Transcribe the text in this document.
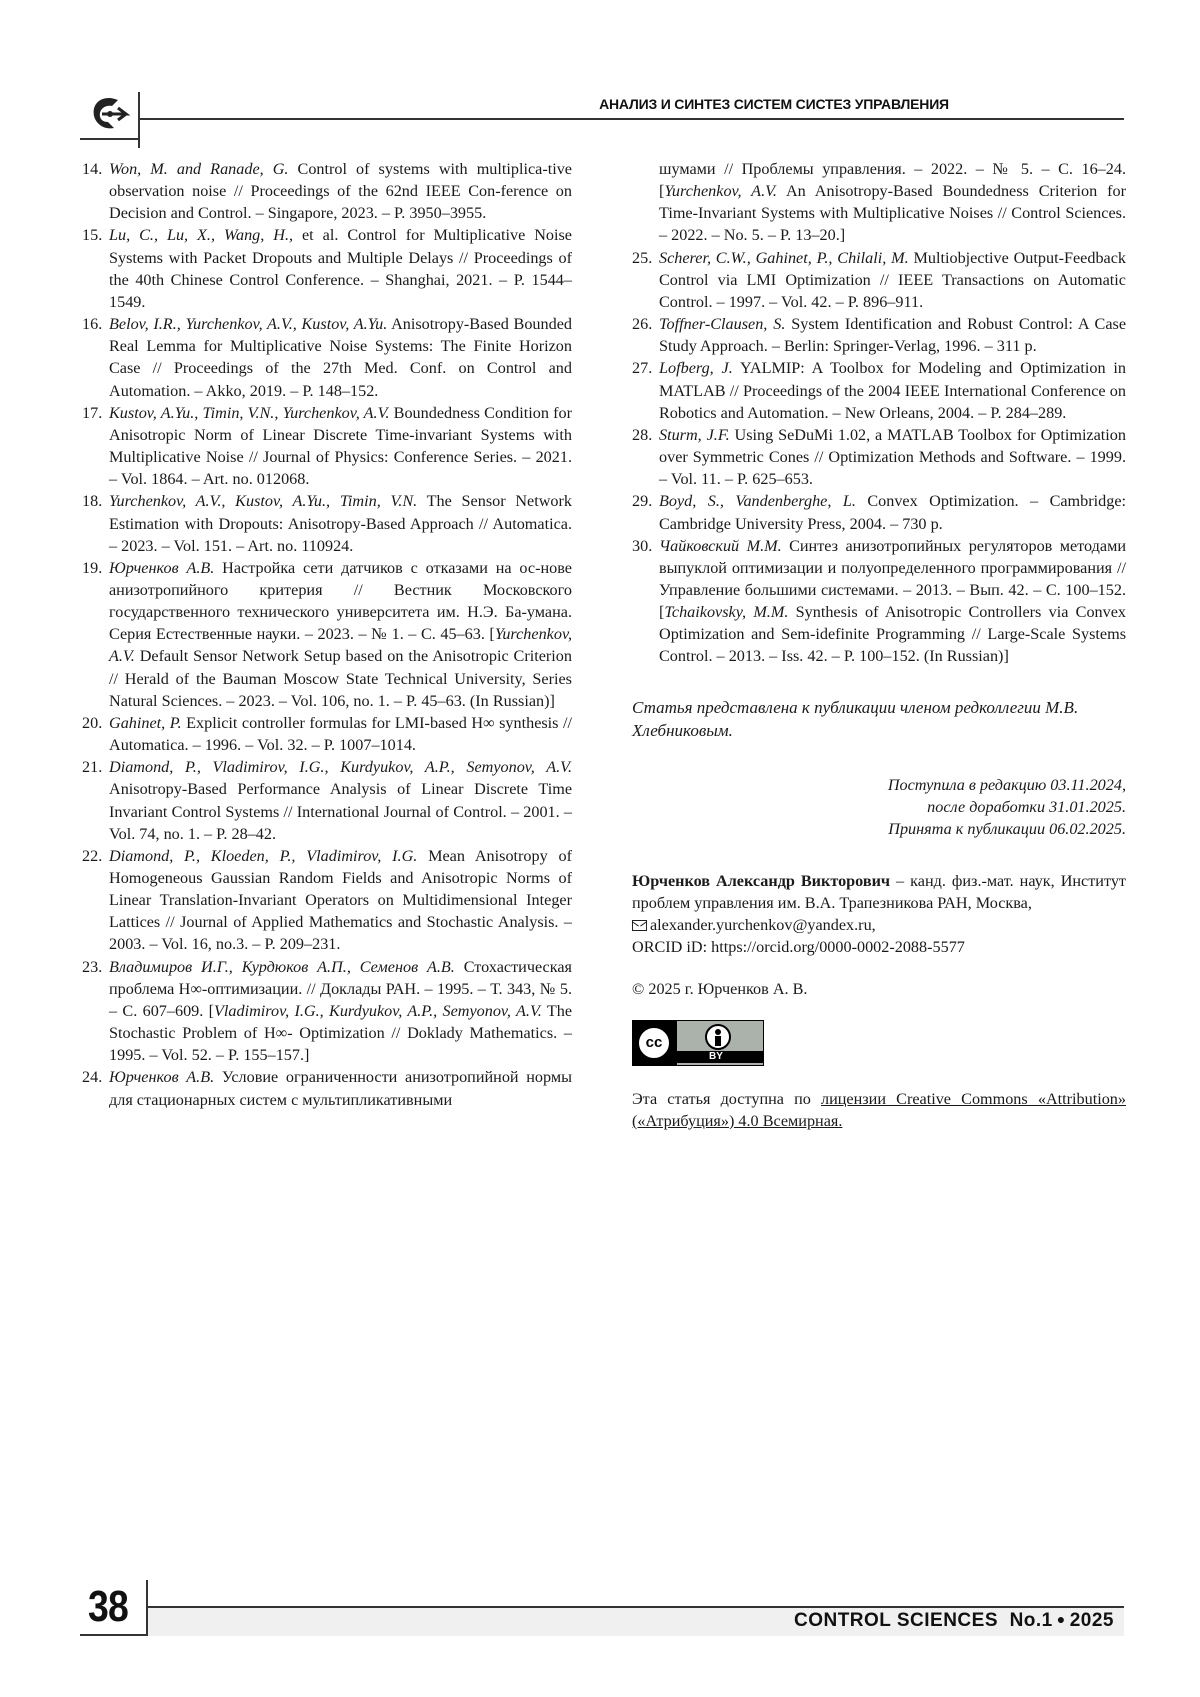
АНАЛИЗ И СИНТЕЗ СИСТЕМ СИСТЕЗ УПРАВЛЕНИЯ
14. Won, M. and Ranade, G. Control of systems with multiplica-tive observation noise // Proceedings of the 62nd IEEE Con-ference on Decision and Control. – Singapore, 2023. – P. 3950–3955.
15. Lu, C., Lu, X., Wang, H., et al. Control for Multiplicative Noise Systems with Packet Dropouts and Multiple Delays // Proceedings of the 40th Chinese Control Conference. – Shanghai, 2021. – P. 1544–1549.
16. Belov, I.R., Yurchenkov, A.V., Kustov, A.Yu. Anisotropy-Based Bounded Real Lemma for Multiplicative Noise Systems: The Finite Horizon Case // Proceedings of the 27th Med. Conf. on Control and Automation. – Akko, 2019. – P. 148–152.
17. Kustov, A.Yu., Timin, V.N., Yurchenkov, A.V. Boundedness Condition for Anisotropic Norm of Linear Discrete Time-invariant Systems with Multiplicative Noise // Journal of Physics: Conference Series. – 2021. – Vol. 1864. – Art. no. 012068.
18. Yurchenkov, A.V., Kustov, A.Yu., Timin, V.N. The Sensor Network Estimation with Dropouts: Anisotropy-Based Approach // Automatica. – 2023. – Vol. 151. – Art. no. 110924.
19. Юрченков А.В. Настройка сети датчиков с отказами на ос-нове анизотропийного критерия // Вестник Московского государственного технического университета им. Н.Э. Ба-умана. Серия Естественные науки. – 2023. – № 1. – С. 45–63. [Yurchenkov, A.V. Default Sensor Network Setup based on the Anisotropic Criterion // Herald of the Bauman Moscow State Technical University, Series Natural Sciences. – 2023. – Vol. 106, no. 1. – P. 45–63. (In Russian)]
20. Gahinet, P. Explicit controller formulas for LMI-based H∞ synthesis // Automatica. – 1996. – Vol. 32. – P. 1007–1014.
21. Diamond, P., Vladimirov, I.G., Kurdyukov, A.P., Semyonov, A.V. Anisotropy-Based Performance Analysis of Linear Discrete Time Invariant Control Systems // International Journal of Control. – 2001. – Vol. 74, no. 1. – P. 28–42.
22. Diamond, P., Kloeden, P., Vladimirov, I.G. Mean Anisotropy of Homogeneous Gaussian Random Fields and Anisotropic Norms of Linear Translation-Invariant Operators on Multidimensional Integer Lattices // Journal of Applied Mathematics and Stochastic Analysis. – 2003. – Vol. 16, no.3. – P. 209–231.
23. Владимиров И.Г., Курдюков А.П., Семенов А.В. Стохастическая проблема H∞-оптимизации. // Доклады РАН. – 1995. – Т. 343, № 5. – С. 607–609. [Vladimirov, I.G., Kurdyukov, A.P., Semyonov, A.V. The Stochastic Problem of H∞- Optimization // Doklady Mathematics. – 1995. – Vol. 52. – P. 155–157.]
24. Юрченков А.В. Условие ограниченности анизотропийной нормы для стационарных систем с мультипликативными
шумами // Проблемы управления. – 2022. – № 5. – С. 16–24. [Yurchenkov, A.V. An Anisotropy-Based Boundedness Criterion for Time-Invariant Systems with Multiplicative Noises // Control Sciences. – 2022. – No. 5. – P. 13–20.]
25. Scherer, C.W., Gahinet, P., Chilali, M. Multiobjective Output-Feedback Control via LMI Optimization // IEEE Transactions on Automatic Control. – 1997. – Vol. 42. – P. 896–911.
26. Toffner-Clausen, S. System Identification and Robust Control: A Case Study Approach. – Berlin: Springer-Verlag, 1996. – 311 p.
27. Lofberg, J. YALMIP: A Toolbox for Modeling and Optimization in MATLAB // Proceedings of the 2004 IEEE International Conference on Robotics and Automation. – New Orleans, 2004. – P. 284–289.
28. Sturm, J.F. Using SeDuMi 1.02, a MATLAB Toolbox for Optimization over Symmetric Cones // Optimization Methods and Software. – 1999. – Vol. 11. – P. 625–653.
29. Boyd, S., Vandenberghe, L. Convex Optimization. – Cambridge: Cambridge University Press, 2004. – 730 p.
30. Чайковский М.М. Синтез анизотропийных регуляторов методами выпуклой оптимизации и полуопределенного программирования // Управление большими системами. – 2013. – Вып. 42. – С. 100–152. [Tchaikovsky, M.M. Synthesis of Anisotropic Controllers via Convex Optimization and Sem-idefinite Programming // Large-Scale Systems Control. – 2013. – Iss. 42. – P. 100–152. (In Russian)]
Статья представлена к публикации членом редколлегии М.В. Хлебниковым.
Поступила в редакцию 03.11.2024,
после доработки 31.01.2025.
Принята к публикации 06.02.2025.
Юрченков Александр Викторович – канд. физ.-мат. наук, Институт проблем управления им. В.А. Трапезникова РАН, Москва,
alexander.yurchenkov@yandex.ru,
ORCID iD: https://orcid.org/0000-0002-2088-5577
© 2025 г. Юрченков А. В.
cc
BY
Эта статья доступна по лицензии Creative Commons «Attribution» («Атрибуция») 4.0 Всемирная.
38	CONTROL SCIENCES No.1 ● 2025
